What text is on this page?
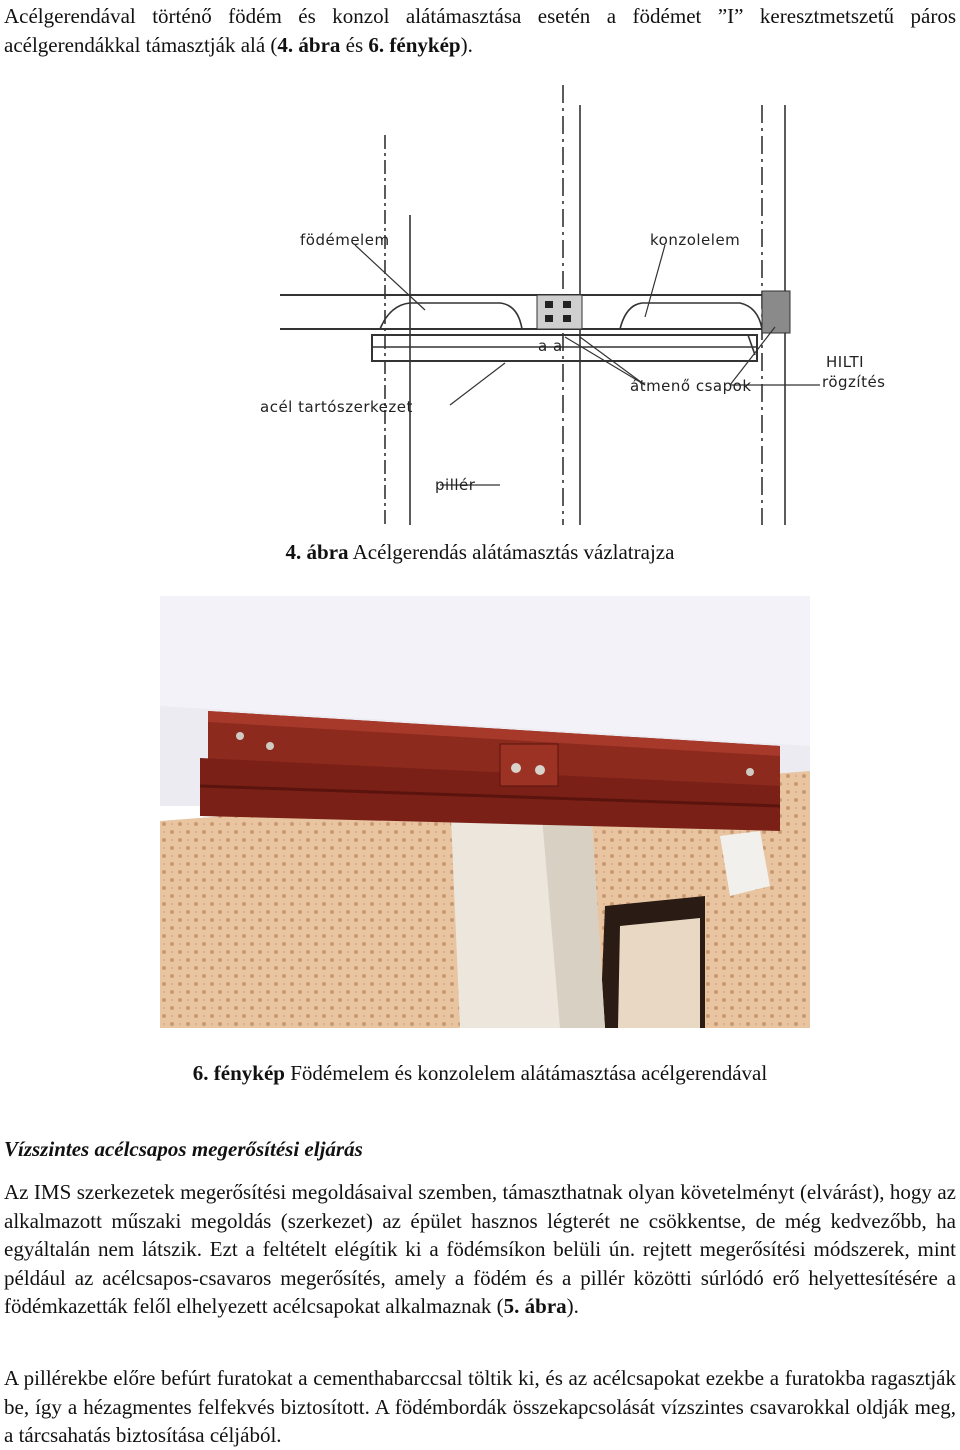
Acélgerendával történő födém és konzol alátámasztása esetén a födémet ”I” keresztmetszetű páros acélgerendákkal támasztják alá (4. ábra és 6. fénykép).

födémelem	konzolelem
a a
HILTI
rögzítés
átmenő csapok
acél tartószerkezet
pillér

4. ábra Acélgerendás alátámasztás vázlatrajza

6. fénykép Födémelem és konzolelem alátámasztása acélgerendával

Vízszintes acélcsapos megerősítési eljárás

Az IMS szerkezetek megerősítési megoldásaival szemben, támaszthatnak olyan követelményt (elvárást), hogy az alkalmazott műszaki megoldás (szerkezet) az épület hasznos légterét ne csökkentse, de még kedvezőbb, ha egyáltalán nem látszik. Ezt a feltételt elégítik ki a födémsíkon belüli ún. rejtett megerősítési módszerek, mint például az acélcsapos-csavaros megerősítés, amely a födém és a pillér közötti súrlódó erő helyettesítésére a födémkazetták felől elhelyezett acélcsapokat alkalmaznak (5. ábra).

A pillérekbe előre befúrt furatokat a cementhabarccsal töltik ki, és az acélcsapokat ezekbe a furatokba ragasztják be, így a hézagmentes felfekvés biztosított. A födémbordák összekapcsolását vízszintes csavarokkal oldják meg, a tárcsahatás biztosítása céljából.
